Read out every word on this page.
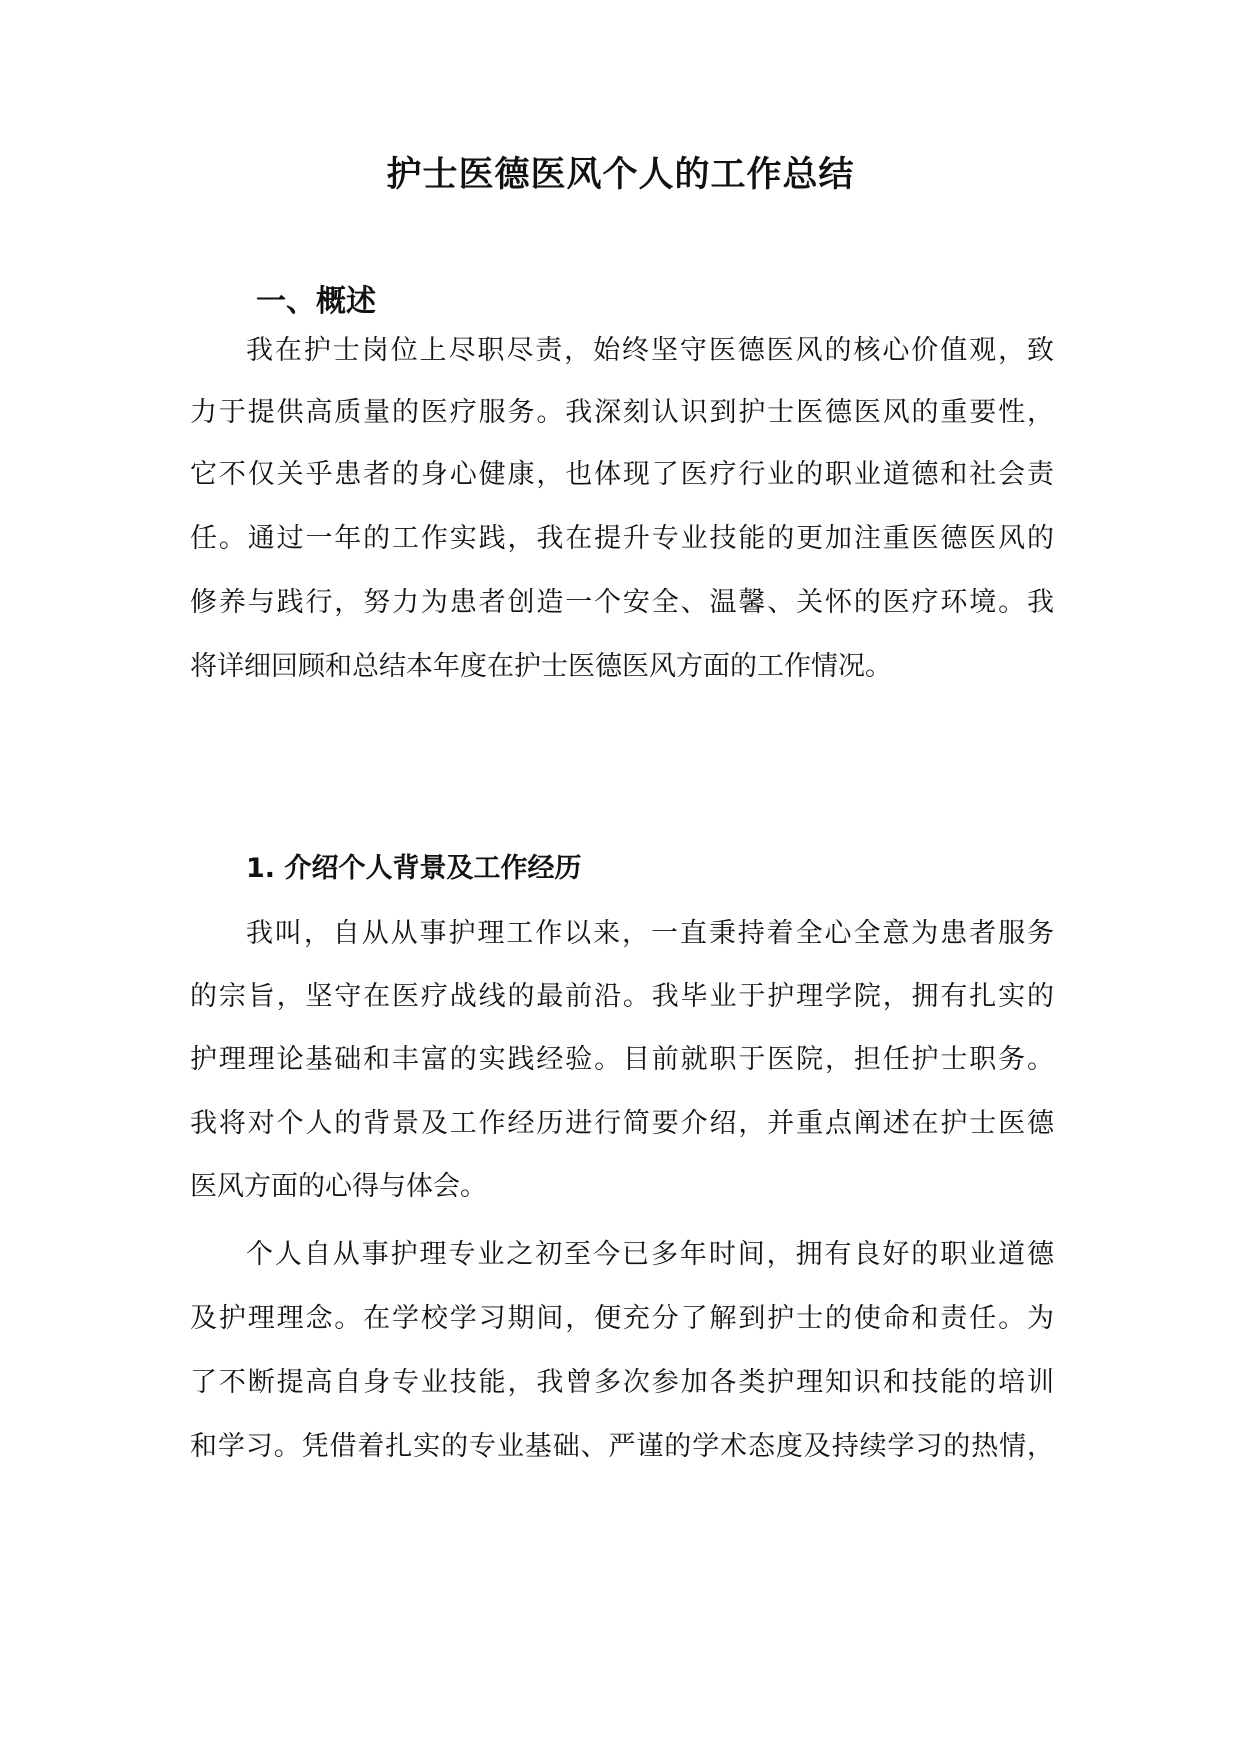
护士医德医风个人的工作总结
一、概述

我在护士岗位上尽职尽责，始终坚守医德医风的核心价值观，致

力于提供高质量的医疗服务。我深刻认识到护士医德医风的重要性，

它不仅关乎患者的身心健康，也体现了医疗行业的职业道德和社会责

任。通过一年的工作实践，我在提升专业技能的更加注重医德医风的

修养与践行，努力为患者创造一个安全、温馨、关怀的医疗环境。我

将详细回顾和总结本年度在护士医德医风方面的工作情况。

1. 介绍个人背景及工作经历

我叫，自从从事护理工作以来，一直秉持着全心全意为患者服务

的宗旨，坚守在医疗战线的最前沿。我毕业于护理学院，拥有扎实的

护理理论基础和丰富的实践经验。目前就职于医院，担任护士职务。

我将对个人的背景及工作经历进行简要介绍，并重点阐述在护士医德

医风方面的心得与体会。

个人自从事护理专业之初至今已多年时间，拥有良好的职业道德

及护理理念。在学校学习期间，便充分了解到护士的使命和责任。为

了不断提高自身专业技能，我曾多次参加各类护理知识和技能的培训

和学习。凭借着扎实的专业基础、严谨的学术态度及持续学习的热情，
